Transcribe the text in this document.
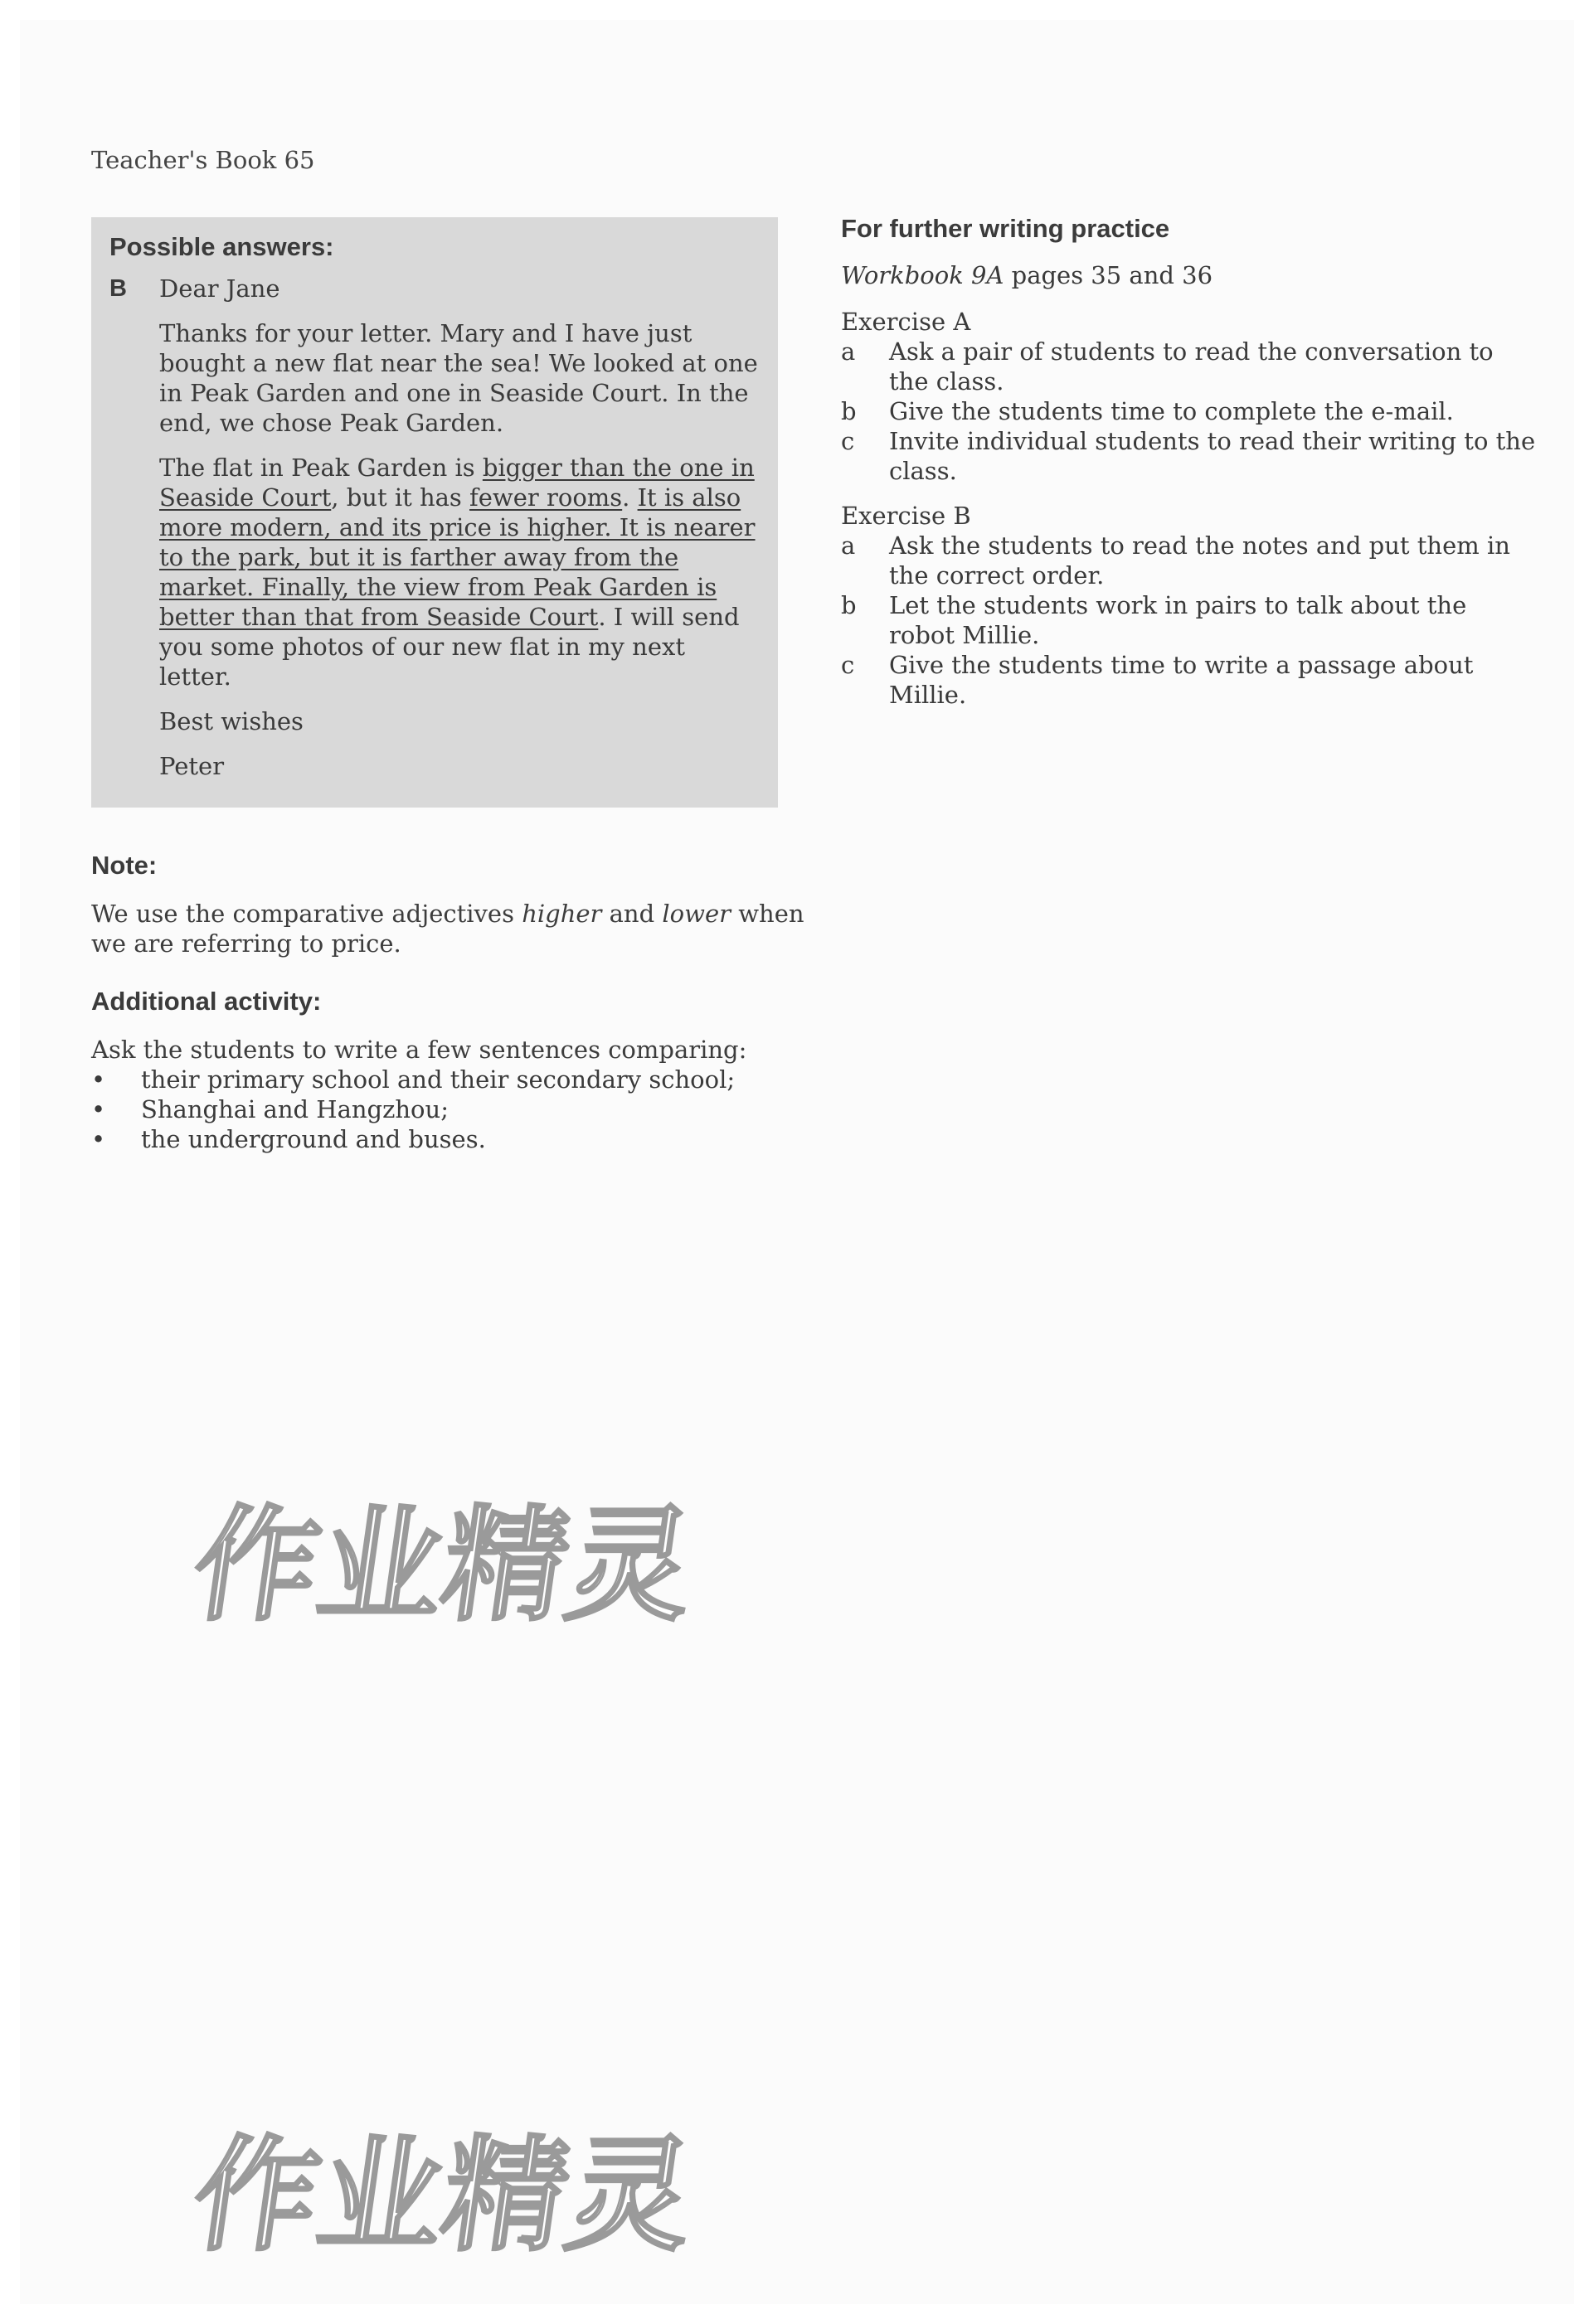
Teacher's Book 65
Possible answers:
B Dear Jane

Thanks for your letter. Mary and I have just bought a new flat near the sea! We looked at one in Peak Garden and one in Seaside Court. In the end, we chose Peak Garden.

The flat in Peak Garden is bigger than the one in Seaside Court, but it has fewer rooms. It is also more modern, and its price is higher. It is nearer to the park, but it is farther away from the market. Finally, the view from Peak Garden is better than that from Seaside Court. I will send you some photos of our new flat in my next letter.

Best wishes

Peter

Note:
We use the comparative adjectives higher and lower when we are referring to price.
Additional activity:
Ask the students to write a few sentences comparing:
• their primary school and their secondary school;
• Shanghai and Hangzhou;
• the underground and buses.
For further writing practice
Workbook 9A pages 35 and 36
Exercise A
a Ask a pair of students to read the conversation to the class.
b Give the students time to complete the e-mail.
c Invite individual students to read their writing to the class.
Exercise B
a Ask the students to read the notes and put them in the correct order.
b Let the students work in pairs to talk about the robot Millie.
c Give the students time to write a passage about Millie.
作业精灵
作业精灵
